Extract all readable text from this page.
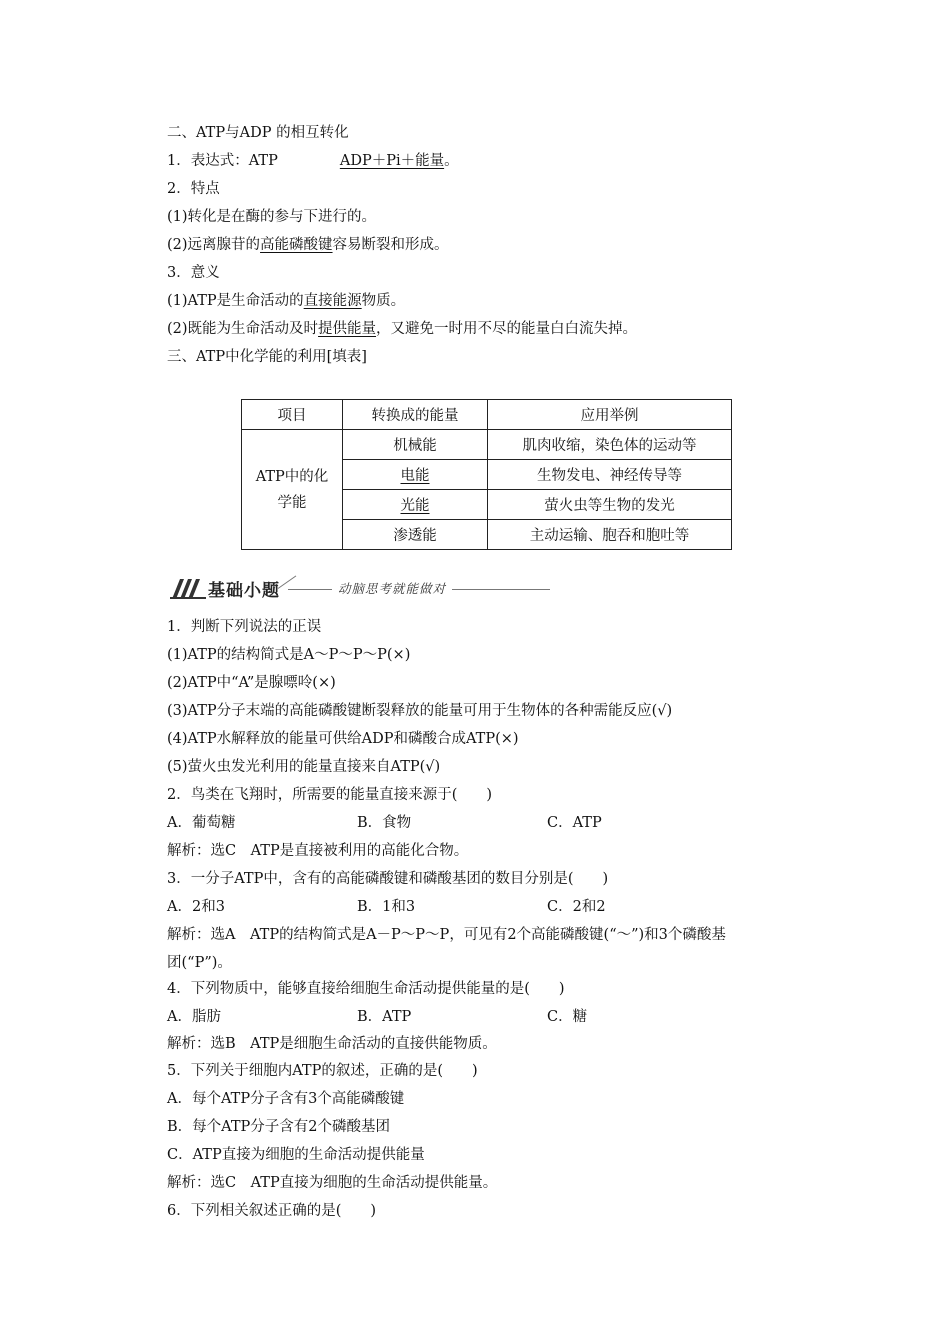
二、ATP与ADP 的相互转化
1．表达式：ATP	ADP＋Pi＋能量。
2．特点
(1)转化是在酶的参与下进行的。
(2)远离腺苷的高能磷酸键容易断裂和形成。
3．意义
(1)ATP是生命活动的直接能源物质。
(2)既能为生命活动及时提供能量，又避免一时用不尽的能量白白流失掉。
三、ATP中化学能的利用[填表]
项目	转换成的能量	应用举例

ATP中的化
学能	机械能	肌肉收缩，染色体的运动等
	电能	生物发电、神经传导等
	光能	萤火虫等生物的发光
	渗透能	主动运输、胞吞和胞吐等
基础小题	动脑思考就能做对
1．判断下列说法的正误
(1)ATP的结构简式是A～P～P～P(×)
(2)ATP中“A”是腺嘌呤(×)
(3)ATP分子末端的高能磷酸键断裂释放的能量可用于生物体的各种需能反应(√)
(4)ATP水解释放的能量可供给ADP和磷酸合成ATP(×)
(5)萤火虫发光利用的能量直接来自ATP(√)
2．鸟类在飞翔时，所需要的能量直接来源于(　　)
A．葡萄糖	B．食物	C．ATP
解析：选C　ATP是直接被利用的高能化合物。
3．一分子ATP中，含有的高能磷酸键和磷酸基团的数目分别是(　　)
A．2和3	B．1和3	C．2和2
解析：选A　ATP的结构简式是A－P～P～P，可见有2个高能磷酸键(“～”)和3个磷酸基
团(“P”)。
4．下列物质中，能够直接给细胞生命活动提供能量的是(　　)
A．脂肪	B．ATP	C．糖
解析：选B　ATP是细胞生命活动的直接供能物质。
5．下列关于细胞内ATP的叙述，正确的是(　　)
A．每个ATP分子含有3个高能磷酸键
B．每个ATP分子含有2个磷酸基团
C．ATP直接为细胞的生命活动提供能量
解析：选C　ATP直接为细胞的生命活动提供能量。
6．下列相关叙述正确的是(　　)
